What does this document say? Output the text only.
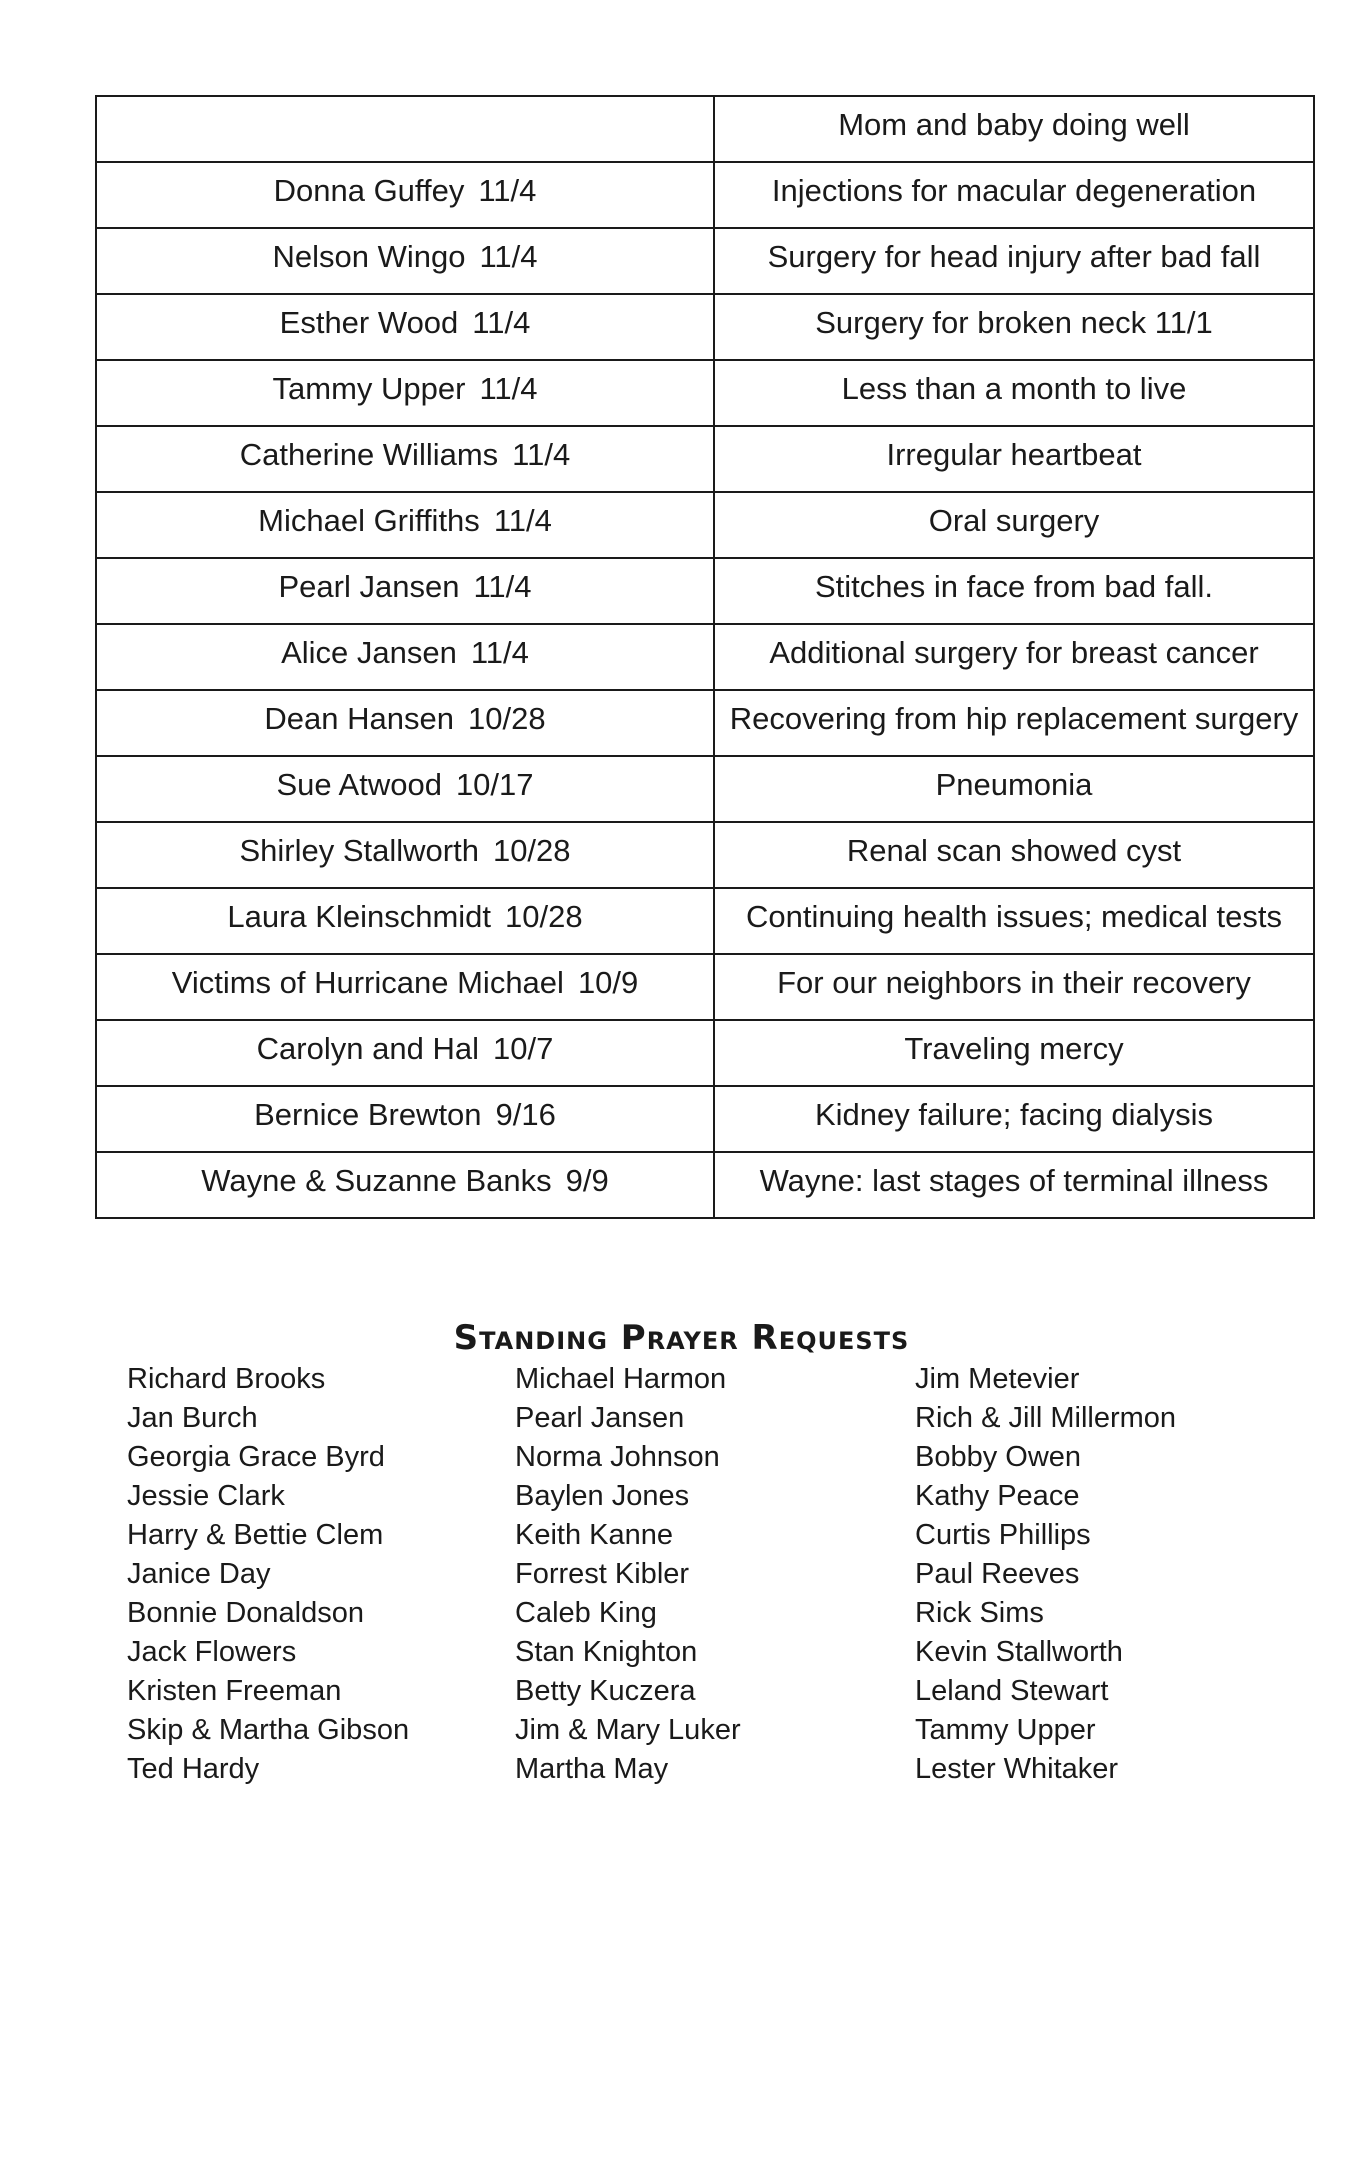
	Mom and baby doing well
Donna Guffey 11/4	Injections for macular degeneration
Nelson Wingo 11/4	Surgery for head injury after bad fall
Esther Wood 11/4	Surgery for broken neck 11/1
Tammy Upper 11/4	Less than a month to live
Catherine Williams 11/4	Irregular heartbeat
Michael Griffiths 11/4	Oral surgery
Pearl Jansen 11/4	Stitches in face from bad fall.
Alice Jansen 11/4	Additional surgery for breast cancer
Dean Hansen 10/28	Recovering from hip replacement surgery
Sue Atwood 10/17	Pneumonia
Shirley Stallworth 10/28	Renal scan showed cyst
Laura Kleinschmidt 10/28	Continuing health issues; medical tests
Victims of Hurricane Michael 10/9	For our neighbors in their recovery
Carolyn and Hal 10/7	Traveling mercy
Bernice Brewton 9/16	Kidney failure; facing dialysis
Wayne & Suzanne Banks 9/9	Wayne: last stages of terminal illness
Standing Prayer Requests
Richard Brooks
Jan Burch
Georgia Grace Byrd
Jessie Clark
Harry & Bettie Clem
Janice Day
Bonnie Donaldson
Jack Flowers
Kristen Freeman
Skip & Martha Gibson
Ted Hardy
Michael Harmon
Pearl Jansen
Norma Johnson
Baylen Jones
Keith Kanne
Forrest Kibler
Caleb King
Stan Knighton
Betty Kuczera
Jim & Mary Luker
Martha May
Jim Metevier
Rich & Jill Millermon
Bobby Owen
Kathy Peace
Curtis Phillips
Paul Reeves
Rick Sims
Kevin Stallworth
Leland Stewart
Tammy Upper
Lester Whitaker
